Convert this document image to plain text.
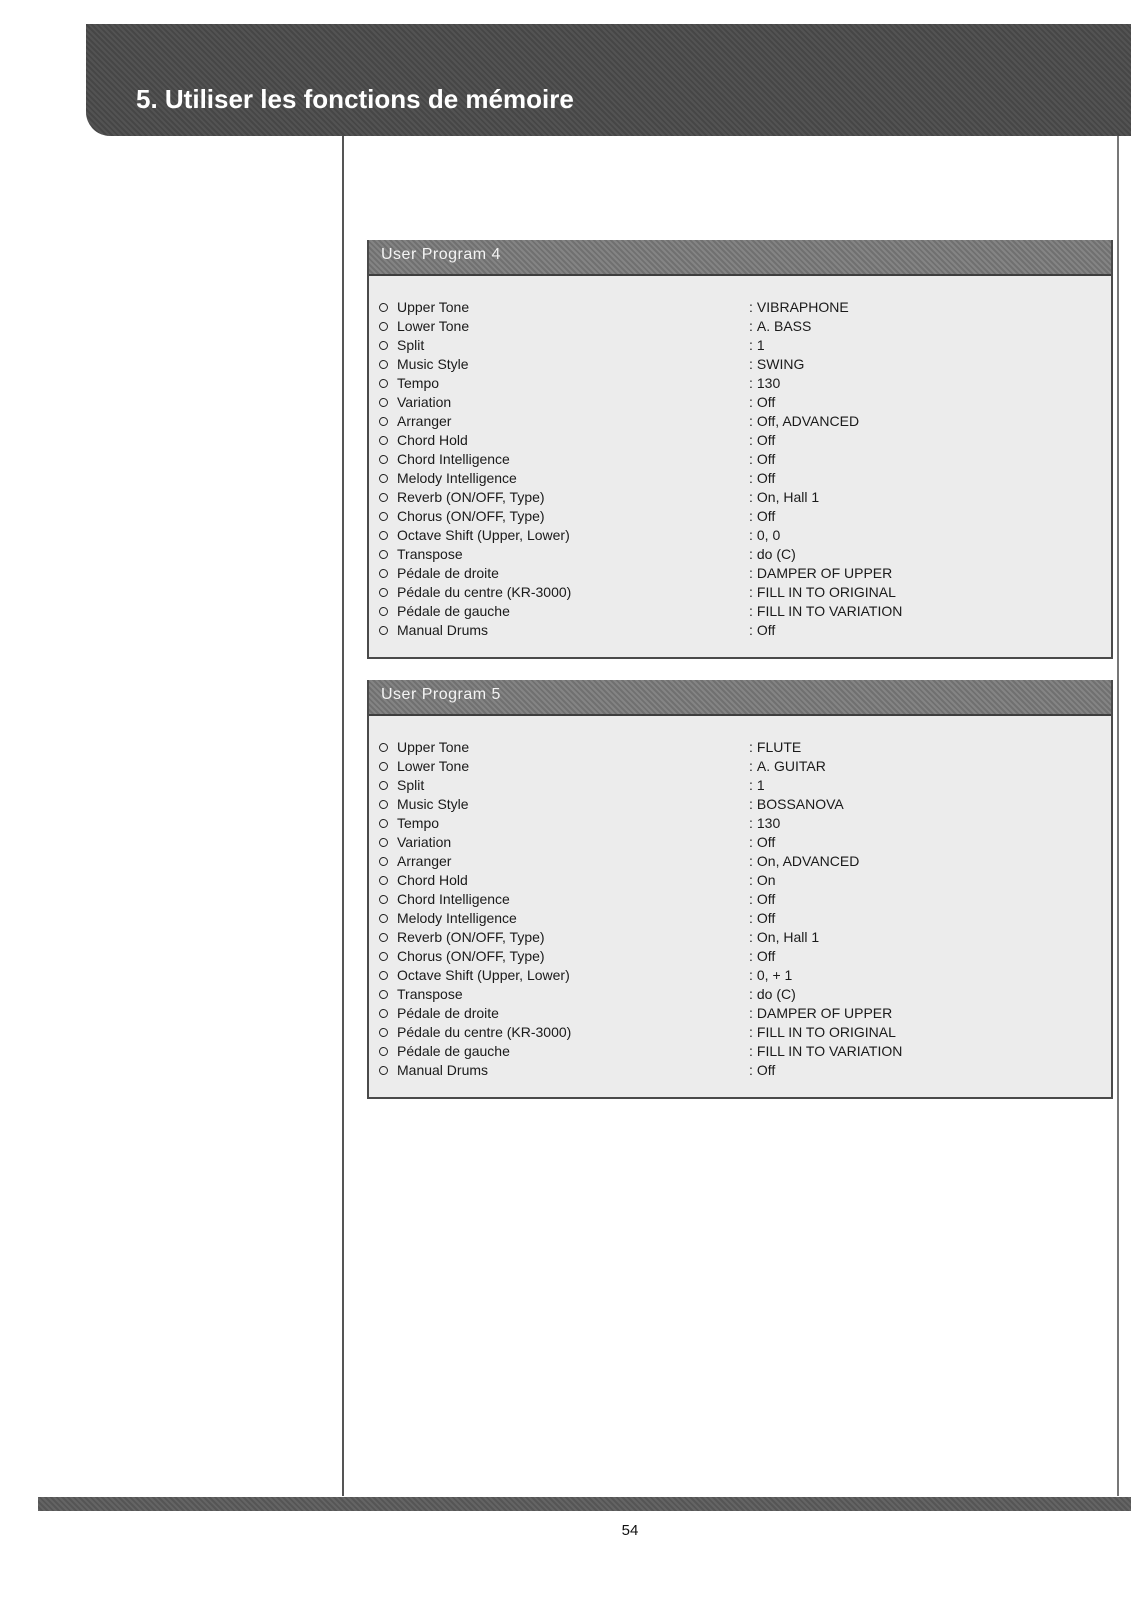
5. Utiliser les fonctions de mémoire
User Program 4
Upper Tone	: VIBRAPHONE
Lower Tone	: A. BASS
Split	: 1
Music Style	: SWING
Tempo	: 130
Variation	: Off
Arranger	: Off, ADVANCED
Chord Hold	: Off
Chord Intelligence	: Off
Melody Intelligence	: Off
Reverb (ON/OFF, Type)	: On, Hall 1
Chorus (ON/OFF, Type)	: Off
Octave Shift (Upper, Lower)	: 0, 0
Transpose	: do (C)
Pédale de droite	: DAMPER OF UPPER
Pédale du centre (KR-3000)	: FILL IN TO ORIGINAL
Pédale de gauche	: FILL IN TO VARIATION
Manual Drums	: Off
User Program 5
Upper Tone	: FLUTE
Lower Tone	: A. GUITAR
Split	: 1
Music Style	: BOSSANOVA
Tempo	: 130
Variation	: Off
Arranger	: On, ADVANCED
Chord Hold	: On
Chord Intelligence	: Off
Melody Intelligence	: Off
Reverb (ON/OFF, Type)	: On, Hall 1
Chorus (ON/OFF, Type)	: Off
Octave Shift (Upper, Lower)	: 0, + 1
Transpose	: do (C)
Pédale de droite	: DAMPER OF UPPER
Pédale du centre (KR-3000)	: FILL IN TO ORIGINAL
Pédale de gauche	: FILL IN TO VARIATION
Manual Drums	: Off
54
